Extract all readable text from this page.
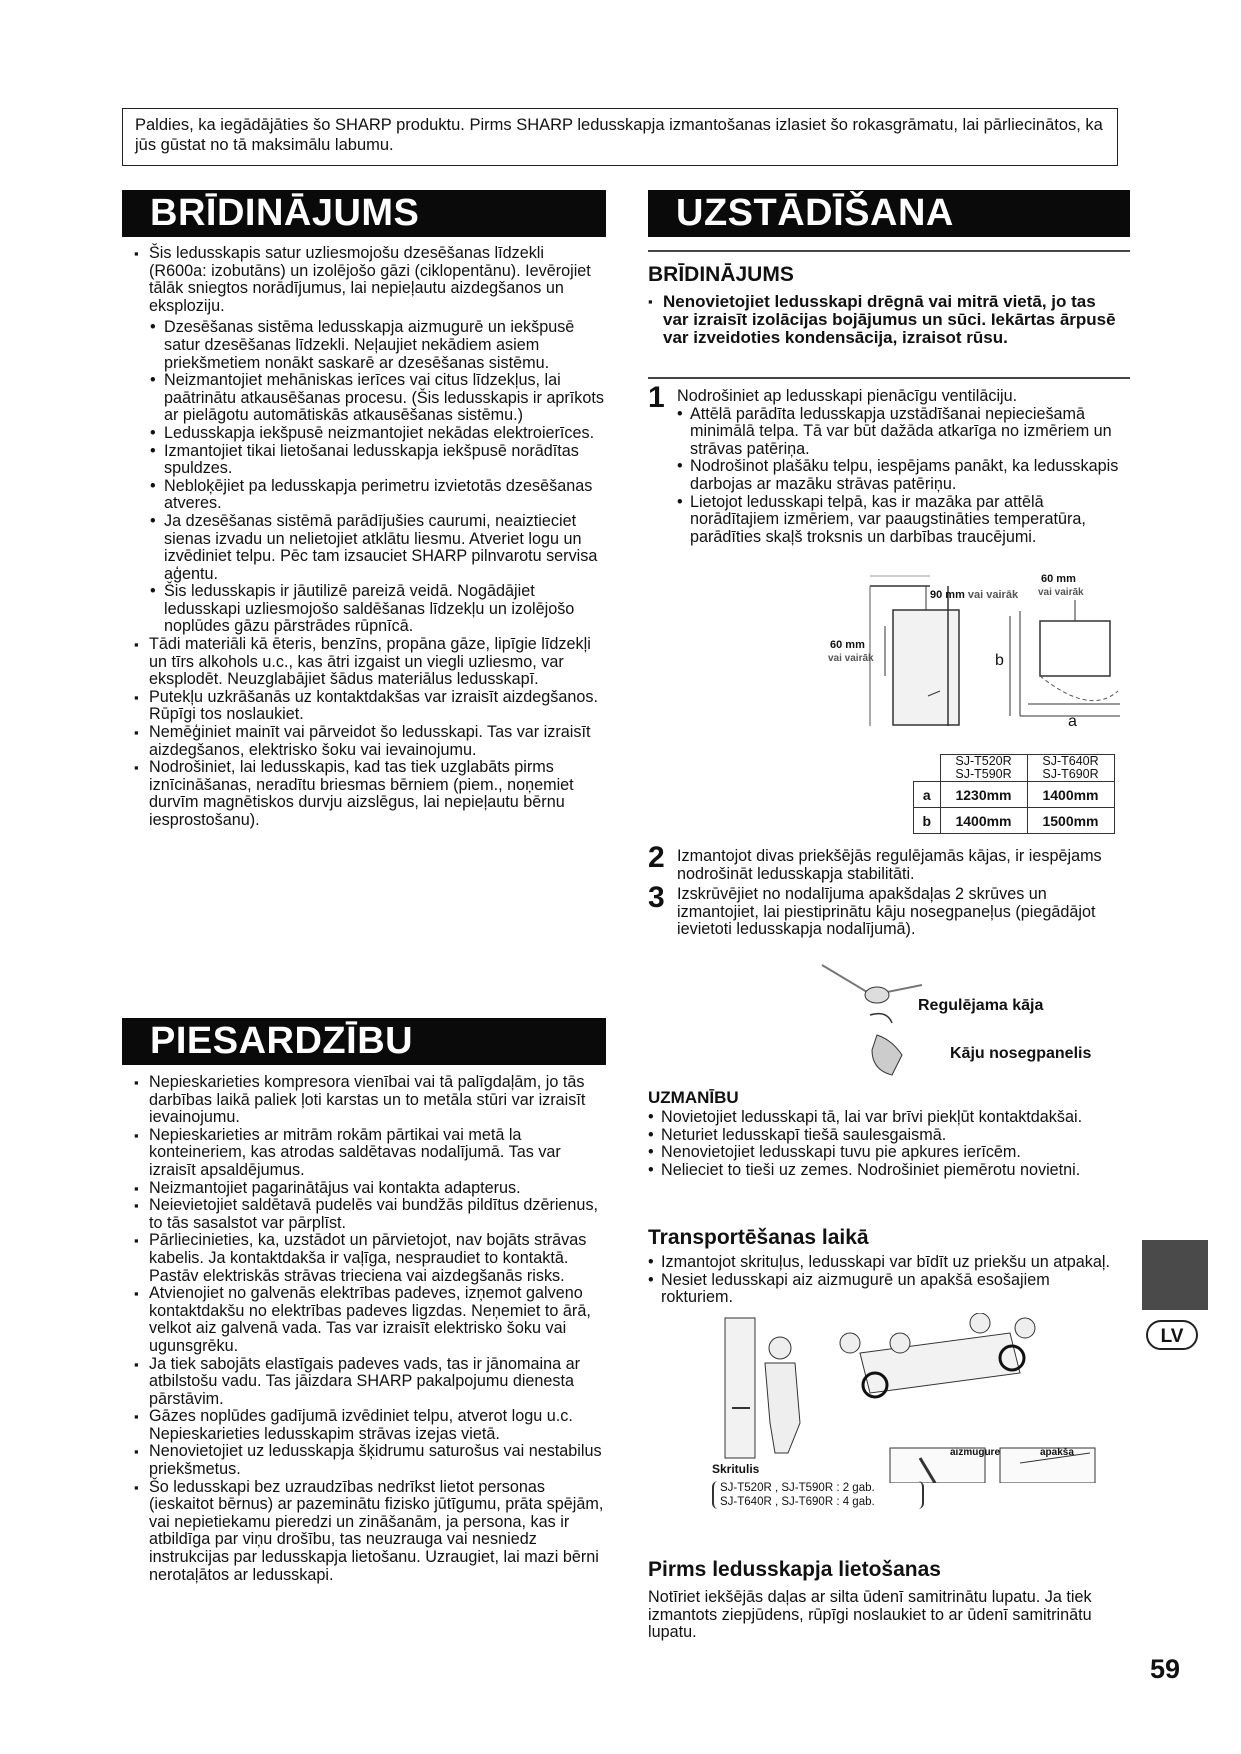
Paldies, ka iegādājāties šo SHARP produktu. Pirms SHARP ledusskapja izmantošanas izlasiet šo rokasgrāmatu, lai pārliecinātos, ka jūs gūstat no tā maksimālu labumu.
BRĪDINĀJUMS
▪ Šis ledusskapis satur uzliesmojošu dzesēšanas līdzekli (R600a: izobutāns) un izolējošo gāzi (ciklopentānu). Ievērojiet tālāk sniegtos norādījumus, lai nepieļautu aizdegšanos un eksploziju.
• Dzesēšanas sistēma ledusskapja aizmugurē un iekšpusē satur dzesēšanas līdzekli. Neļaujiet nekādiem asiem priekšmetiem nonākt saskarē ar dzesēšanas sistēmu.
• Neizmantojiet mehāniskas ierīces vai citus līdzekļus, lai paātrinātu atkausēšanas procesu. (Šis ledusskapis ir aprīkots ar pielāgotu automātiskās atkausēšanas sistēmu.)
• Ledusskapja iekšpusē neizmantojiet nekādas elektroierīces.
• Izmantojiet tikai lietošanai ledusskapja iekšpusē norādītas spuldzes.
• Nebloķējiet pa ledusskapja perimetru izvietotās dzesēšanas atveres.
• Ja dzesēšanas sistēmā parādījušies caurumi, neaiztieciet sienas izvadu un nelietojiet atklātu liesmu. Atveriet logu un izvēdiniet telpu. Pēc tam izsauciet SHARP pilnvarotu servisa aģentu.
• Šis ledusskapis ir jāutilizē pareizā veidā. Nogādājiet ledusskapi uzliesmojošo saldēšanas līdzekļu un izolējošo noplūdes gāzu pārstrādes rūpnīcā.
▪ Tādi materiāli kā ēteris, benzīns, propāna gāze, lipīgie līdzekļi un tīrs alkohols u.c., kas ātri izgaist un viegli uzliesmo, var eksplodēt. Neuzglabājiet šādus materiālus ledusskapī.
▪ Putekļu uzkrāšanās uz kontaktdakšas var izraisīt aizdegšanos. Rūpīgi tos noslaukiet.
▪ Nemēģiniet mainīt vai pārveidot šo ledusskapi. Tas var izraisīt aizdegšanos, elektrisko šoku vai ievainojumu.
▪ Nodrošiniet, lai ledusskapis, kad tas tiek uzglabāts pirms iznīcināšanas, neradītu briesmas bērniem (piem., noņemiet durvīm magnētiskos durvju aizslēgus, lai nepieļautu bērnu iesprostošanu).
PIESARDZĪBU
▪ Nepieskarieties kompresora vienībai vai tā palīgdaļām, jo tās darbības laikā paliek ļoti karstas un to metāla stūri var izraisīt ievainojumu.
▪ Nepieskarieties ar mitrām rokām pārtikai vai metā la konteineriem, kas atrodas saldētavas nodalījumā. Tas var izraisīt apsaldējumus.
▪ Neizmantojiet pagarinātājus vai kontakta adapterus.
▪ Neievietojiet saldētavā pudelēs vai bundžās pildītus dzērienus, to tās sasalstot var pārplīst.
▪ Pārliecinieties, ka, uzstādot un pārvietojot, nav bojāts strāvas kabelis. Ja kontaktdakša ir vaļīga, nespraudiet to kontaktā. Pastāv elektriskās strāvas trieciena vai aizdegšanās risks.
▪ Atvienojiet no galvenās elektrības padeves, izņemot galveno kontaktdakšu no elektrības padeves ligzdas. Neņemiet to ārā, velkot aiz galvenā vada. Tas var izraisīt elektrisko šoku vai ugunsgrēku.
▪ Ja tiek sabojāts elastīgais padeves vads, tas ir jānomaina ar atbilstošu vadu. Tas jāizdara SHARP pakalpojumu dienesta pārstāvim.
▪ Gāzes noplūdes gadījumā izvēdiniet telpu, atverot logu u.c. Nepieskarieties ledusskapim strāvas izejas vietā.
▪ Nenovietojiet uz ledusskapja šķidrumu saturošus vai nestabilus priekšmetus.
▪ Šo ledusskapi bez uzraudzības nedrīkst lietot personas (ieskaitot bērnus) ar pazeminātu fizisko jūtīgumu, prāta spējām, vai nepietiekamu pieredzi un zināšanām, ja persona, kas ir atbildīga par viņu drošību, tas neuzrauga vai nesniedz instrukcijas par ledusskapja lietošanu. Uzraugiet, lai mazi bērni nerotaļātos ar ledusskapi.
UZSTĀDĪŠANA
BRĪDINĀJUMS
▪ Nenovietojiet ledusskapi drēgnā vai mitrā vietā, jo tas var izraisīt izolācijas bojājumus un sūci. Iekārtas ārpusē var izveidoties kondensācija, izraisot rūsu.
1 Nodrošiniet ap ledusskapi pienācīgu ventilāciju.
• Attēlā parādīta ledusskapja uzstādīšanai nepieciešamā minimālā telpa. Tā var būt dažāda atkarīga no izmēriem un strāvas patēriņa.
• Nodrošinot plašāku telpu, iespējams panākt, ka ledusskapis darbojas ar mazāku strāvas patēriņu.
• Lietojot ledusskapi telpā, kas ir mazāka par attēlā norādītajiem izmēriem, var paaugstināties temperatūra, parādīties skaļš troksnis un darbības traucējumi.
90 mm vai vairāk
60 mm
vai vairāk
60 mm
vai vairāk	b
a
	SJ-T520R SJ-T590R	SJ-T640R SJ-T690R
a	1230mm	1400mm
b	1400mm	1500mm
2 Izmantojot divas priekšējās regulējamās kājas, ir iespējams nodrošināt ledusskapja stabilitāti.
3 Izskrūvējiet no nodalījuma apakšdaļas 2 skrūves un izmantojiet, lai piestiprinātu kāju nosegpaneļus (piegādājot ievietoti ledusskapja nodalījumā).
Regulējama kāja
Kāju nosegpanelis
UZMANĪBU
• Novietojiet ledusskapi tā, lai var brīvi piekļūt kontaktdakšai.
• Neturiet ledusskapī tiešā saulesgaismā.
• Nenovietojiet ledusskapi tuvu pie apkures ierīcēm.
• Nelieciet to tieši uz zemes. Nodrošiniet piemērotu novietni.
Transportēšanas laikā
• Izmantojot skrituļus, ledusskapi var bīdīt uz priekšu un atpakaļ.
• Nesiet ledusskapi aiz aizmugurē un apakšā esošajiem rokturiem.
aizmugure	apakša
Skritulis
SJ-T520R , SJ-T590R : 2 gab.
SJ-T640R , SJ-T690R : 4 gab.
Pirms ledusskapja lietošanas
Notīriet iekšējās daļas ar silta ūdenī samitrinātu lupatu. Ja tiek izmantots ziepjūdens, rūpīgi noslaukiet to ar ūdenī samitrinātu lupatu.
LV
59
